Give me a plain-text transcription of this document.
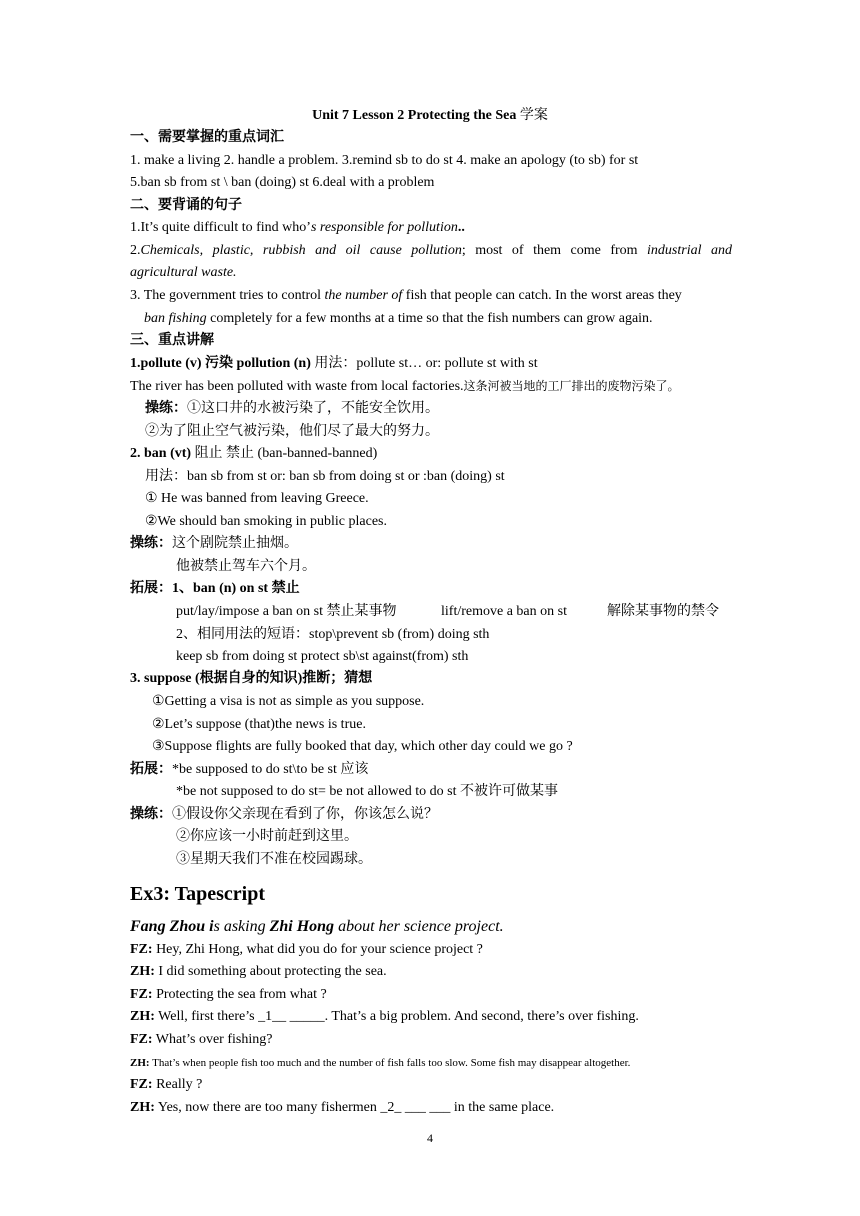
Unit 7 Lesson 2 Protecting the Sea 学案
一、需要掌握的重点词汇
1. make a living 2. handle a problem. 3.remind sb to do st 4. make an apology (to sb) for st
5.ban sb from st \ ban (doing) st 6.deal with a problem
二、要背诵的句子
1.It’s quite difficult to find who’s responsible for pollution..
2.Chemicals, plastic, rubbish and oil cause pollution; most of them come from industrial and
agricultural waste.
3. The government tries to control the number of fish that people can catch. In the worst areas they
ban fishing completely for a few months at a time so that the fish numbers can grow again.
三、重点讲解
1.pollute (v) 污染 pollution (n) 用法：pollute st… or: pollute st with st
The river has been polluted with waste from local factories.这条河被当地的工厂排出的废物污染了。
操练：①这口井的水被污染了，不能安全饮用。
②为了阻止空气被污染，他们尽了最大的努力。
2. ban (vt) 阻止 禁止 (ban-banned-banned)
用法：ban sb from st or: ban sb from doing st or :ban (doing) st
① He was banned from leaving Greece.
②We should ban smoking in public places.
操练：这个剧院禁止抽烟。
他被禁止驾车六个月。
拓展：1、ban (n) on st 禁止
put/lay/impose a ban on st 禁止某事物	lift/remove a ban on st	解除某事物的禁令
2、相同用法的短语：stop\prevent sb (from) doing sth
keep sb from doing st protect sb\st against(from) sth
3. suppose (根据自身的知识)推断；猜想
①Getting a visa is not as simple as you suppose.
②Let’s suppose (that)the news is true.
③Suppose flights are fully booked that day, which other day could we go ?
拓展：*be supposed to do st\to be st 应该
*be not supposed to do st= be not allowed to do st 不被许可做某事
操练：①假设你父亲现在看到了你，你该怎么说？
②你应该一小时前赶到这里。
③星期天我们不准在校园踢球。
Ex3: Tapescript
Fang Zhou is asking Zhi Hong about her science project.
FZ: Hey, Zhi Hong, what did you do for your science project ?
ZH: I did something about protecting the sea.
FZ: Protecting the sea from what ?
ZH: Well, first there’s _1__ _____. That’s a big problem. And second, there’s over fishing.
FZ: What’s over fishing?
ZH: That’s when people fish too much and the number of fish falls too slow. Some fish may disappear altogether.
FZ: Really ?
ZH: Yes, now there are too many fishermen _2_ ___ ___ in the same place.
4
